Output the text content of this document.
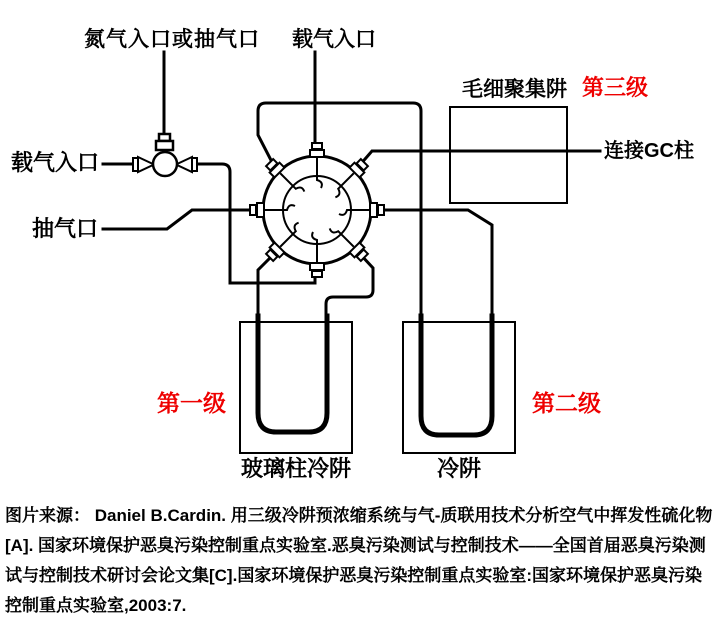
氮气入口或抽气口 载气入口
载气入口
抽气口
毛细聚集阱 第三级
连接GC柱
第一级	第二级
玻璃柱冷阱	冷阱
图片来源： Daniel B.Cardin. 用三级冷阱预浓缩系统与气-质联用技术分析空气中挥发性硫化物
[A]. 国家环境保护恶臭污染控制重点实验室.恶臭污染测试与控制技术——全国首届恶臭污染测
试与控制技术研讨会论文集[C].国家环境保护恶臭污染控制重点实验室:国家环境保护恶臭污染
控制重点实验室,2003:7.
